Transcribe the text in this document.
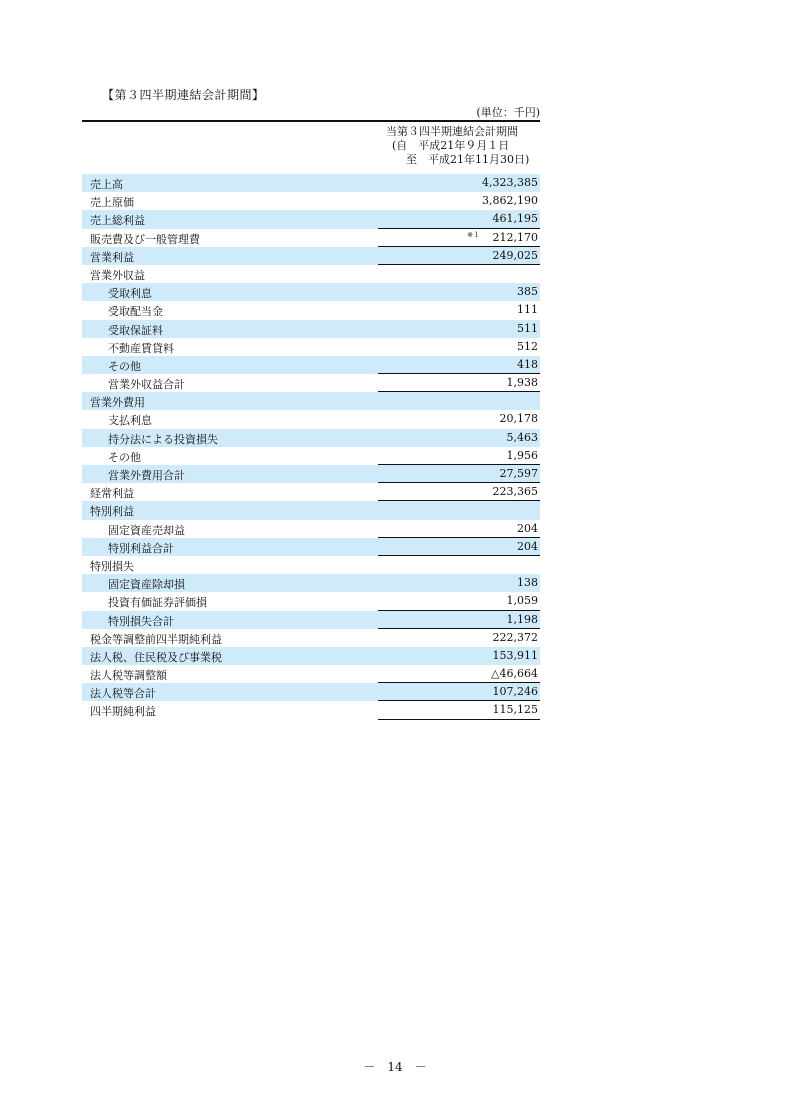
【第３四半期連結会計期間】
(単位：千円)
当第３四半期連結会計期間
(自　平成21年９月１日
至　平成21年11月30日)
売上高	4,323,385
売上原価	3,862,190
売上総利益	461,195
販売費及び一般管理費	※１ 212,170
営業利益	249,025
営業外収益
受取利息	385
受取配当金	111
受取保証料	511
不動産賃貸料	512
その他	418
営業外収益合計	1,938
営業外費用
支払利息	20,178
持分法による投資損失	5,463
その他	1,956
営業外費用合計	27,597
経常利益	223,365
特別利益
固定資産売却益	204
特別利益合計	204
特別損失
固定資産除却損	138
投資有価証券評価損	1,059
特別損失合計	1,198
税金等調整前四半期純利益	222,372
法人税、住民税及び事業税	153,911
法人税等調整額	△46,664
法人税等合計	107,246
四半期純利益	115,125
－　14　－
